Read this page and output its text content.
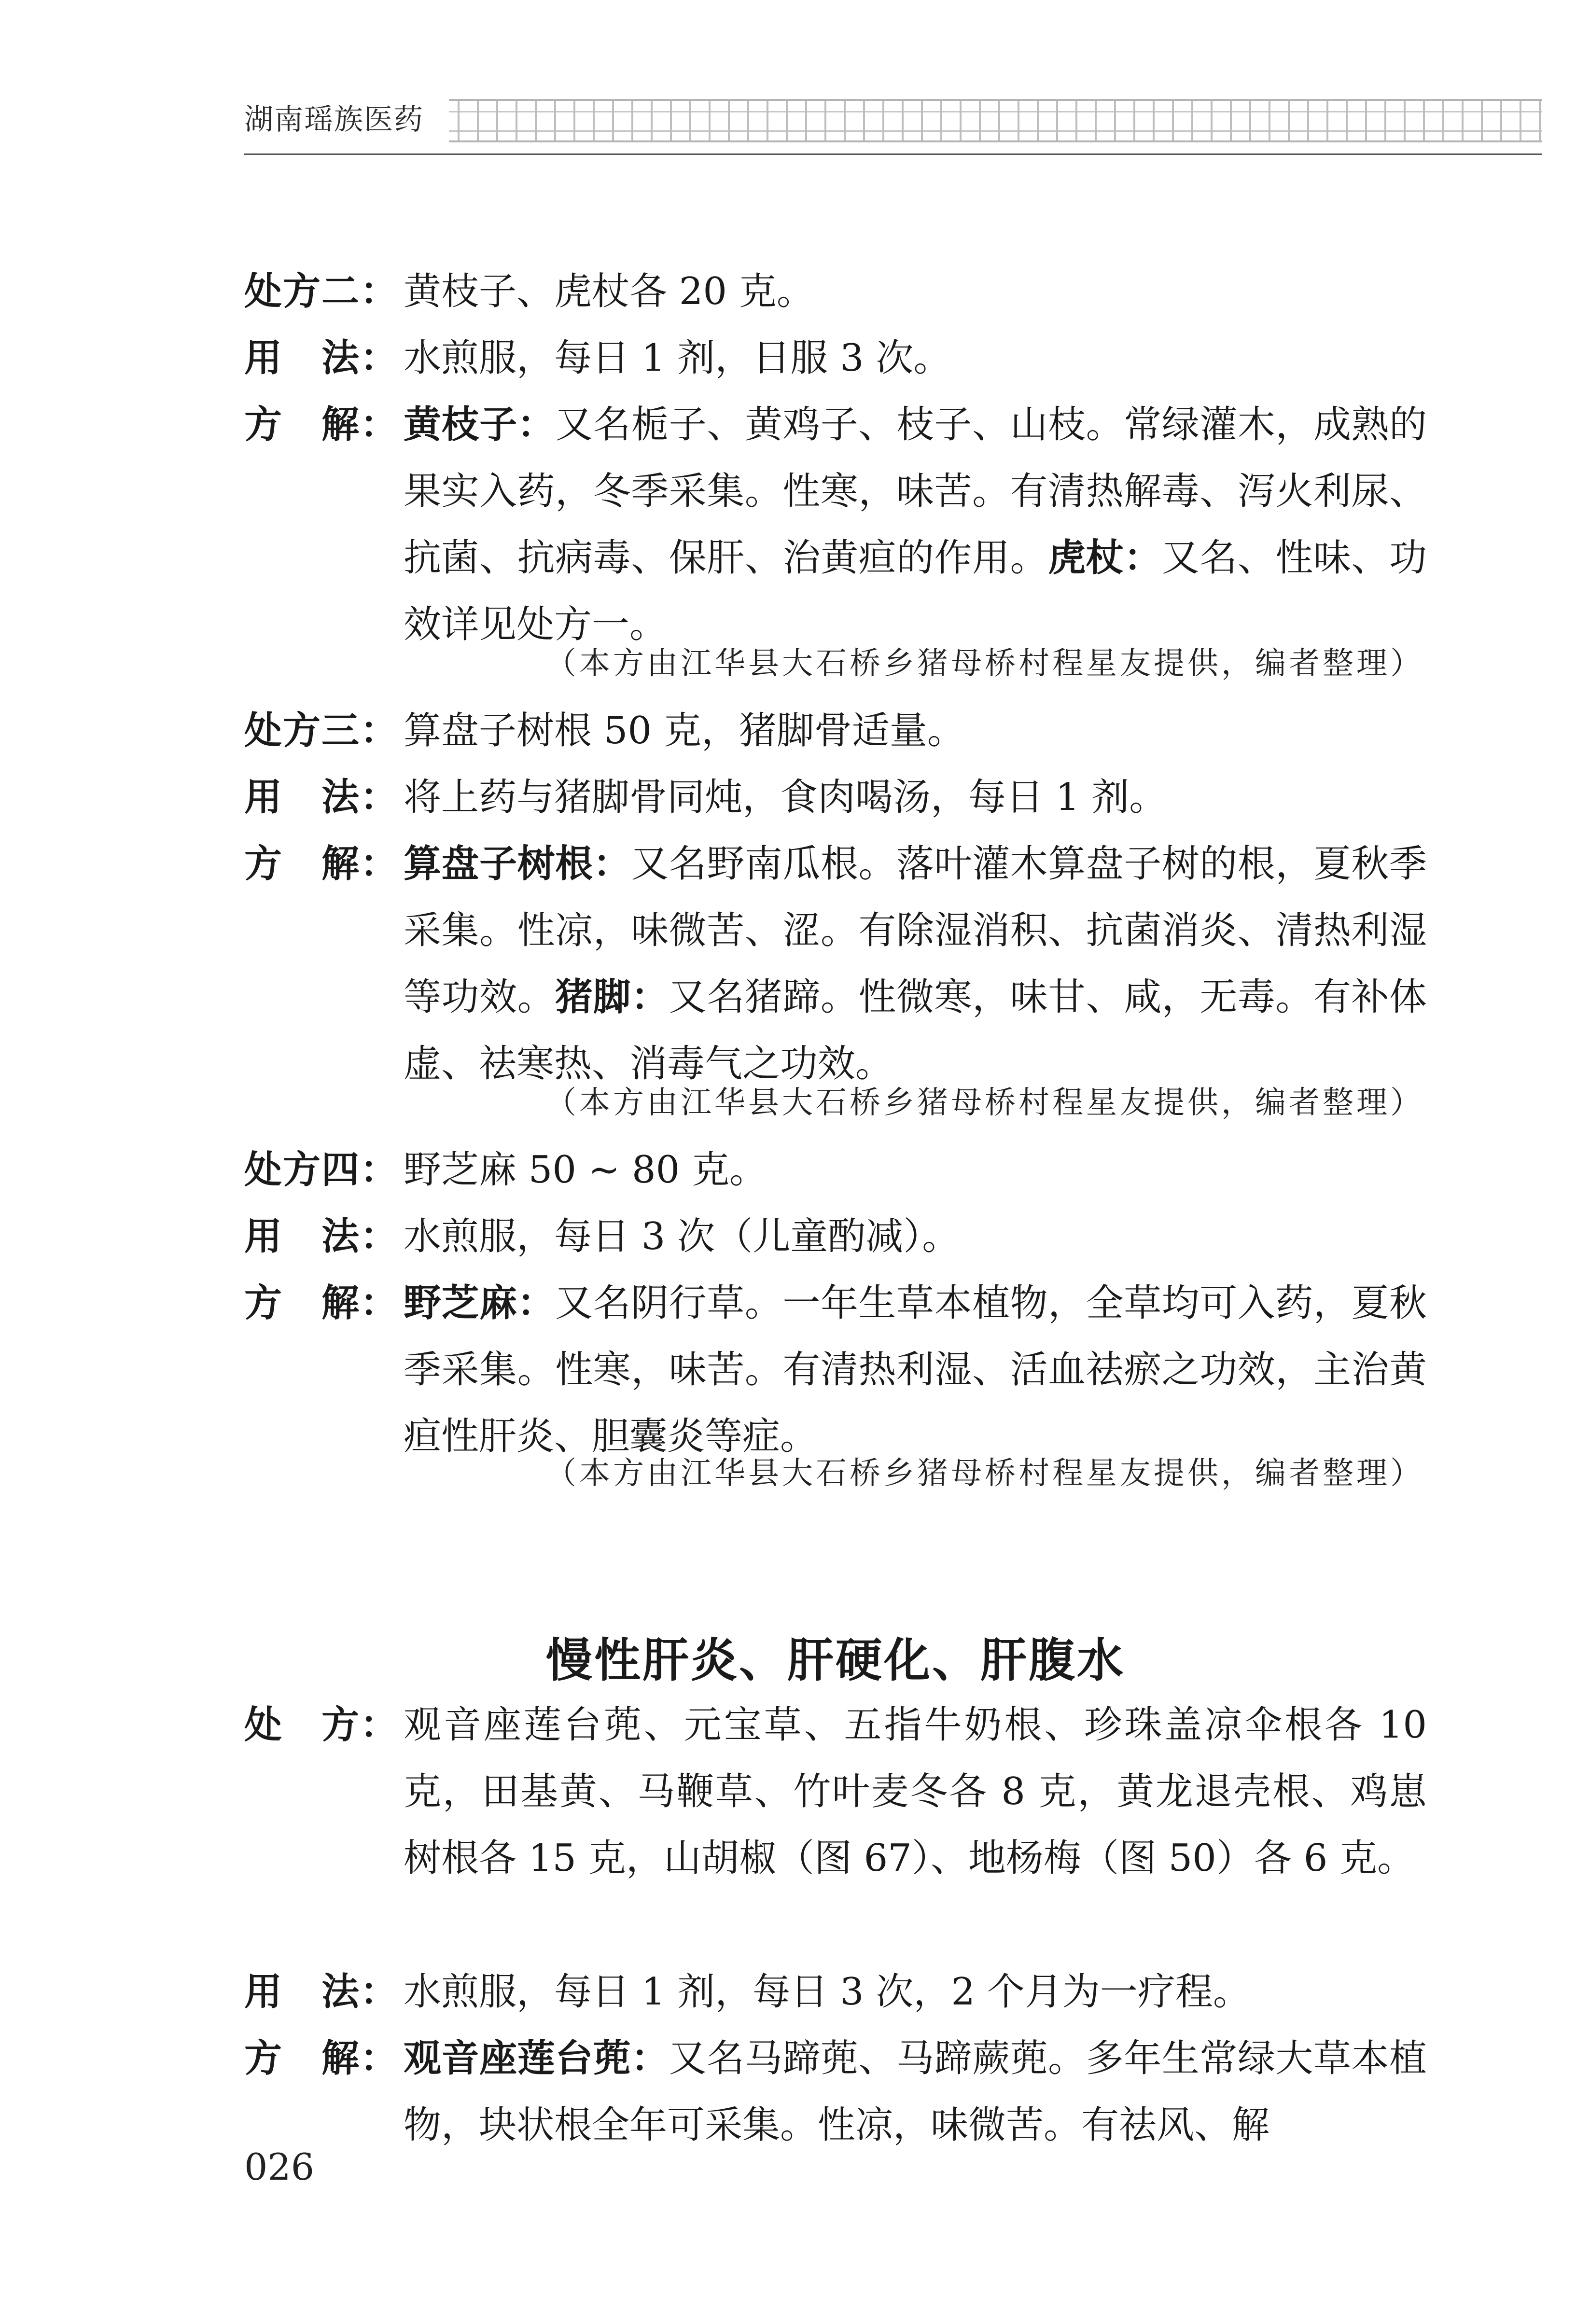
湖南瑶族医药
处方二： 黄枝子、虎杖各 20 克。
用　法： 水煎服，每日 1 剂，日服 3 次。
方　解： 黄枝子：又名栀子、黄鸡子、枝子、山枝。常绿灌木，成熟的果实入药，冬季采集。性寒，味苦。有清热解毒、泻火利尿、抗菌、抗病毒、保肝、治黄疸的作用。虎杖：又名、性味、功效详见处方一。
（本方由江华县大石桥乡猪母桥村程星友提供，编者整理）
处方三： 算盘子树根 50 克，猪脚骨适量。
用　法： 将上药与猪脚骨同炖，食肉喝汤，每日 1 剂。
方　解： 算盘子树根：又名野南瓜根。落叶灌木算盘子树的根，夏秋季采集。性凉，味微苦、涩。有除湿消积、抗菌消炎、清热利湿等功效。猪脚：又名猪蹄。性微寒，味甘、咸，无毒。有补体虚、祛寒热、消毒气之功效。
（本方由江华县大石桥乡猪母桥村程星友提供，编者整理）
处方四： 野芝麻 50 ~ 80 克。
用　法： 水煎服，每日 3 次（儿童酌减）。
方　解： 野芝麻：又名阴行草。一年生草本植物，全草均可入药，夏秋季采集。性寒，味苦。有清热利湿、活血祛瘀之功效，主治黄疸性肝炎、胆囊炎等症。
（本方由江华县大石桥乡猪母桥村程星友提供，编者整理）
慢性肝炎、肝硬化、肝腹水
处　方： 观音座莲台蔸、元宝草、五指牛奶根、珍珠盖凉伞根各 10 克，田基黄、马鞭草、竹叶麦冬各 8 克，黄龙退壳根、鸡崽树根各 15 克，山胡椒（图 67）、地杨梅（图 50）各 6 克。
用　法： 水煎服，每日 1 剂，每日 3 次，2 个月为一疗程。
方　解： 观音座莲台蔸：又名马蹄蔸、马蹄蕨蔸。多年生常绿大草本植物，块状根全年可采集。性凉，味微苦。有祛风、解
026
